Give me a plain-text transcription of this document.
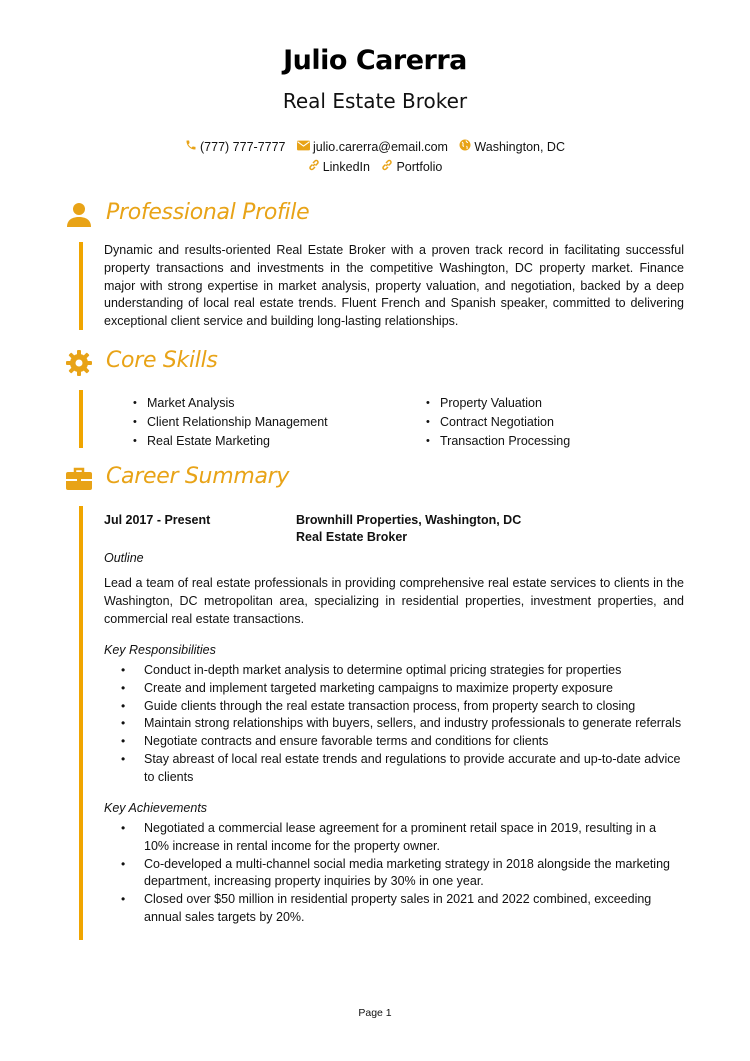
Julio Carerra
Real Estate Broker
(777) 777-7777 julio.carerra@email.com Washington, DC
LinkedIn Portfolio
Professional Profile
Dynamic and results-oriented Real Estate Broker with a proven track record in facilitating successful property transactions and investments in the competitive Washington, DC property market. Finance major with strong expertise in market analysis, property valuation, and negotiation, backed by a deep understanding of local real estate trends. Fluent French and Spanish speaker, committed to delivering exceptional client service and building long-lasting relationships.
Core Skills
• Market Analysis
• Client Relationship Management
• Real Estate Marketing
• Property Valuation
• Contract Negotiation
• Transaction Processing
Career Summary
Jul 2017 - Present	Brownhill Properties, Washington, DC
Real Estate Broker
Outline
Lead a team of real estate professionals in providing comprehensive real estate services to clients in the Washington, DC metropolitan area, specializing in residential properties, investment properties, and commercial real estate transactions.
Key Responsibilities
• Conduct in-depth market analysis to determine optimal pricing strategies for properties
• Create and implement targeted marketing campaigns to maximize property exposure
• Guide clients through the real estate transaction process, from property search to closing
• Maintain strong relationships with buyers, sellers, and industry professionals to generate referrals
• Negotiate contracts and ensure favorable terms and conditions for clients
• Stay abreast of local real estate trends and regulations to provide accurate and up-to-date advice to clients
Key Achievements
• Negotiated a commercial lease agreement for a prominent retail space in 2019, resulting in a 10% increase in rental income for the property owner.
• Co-developed a multi-channel social media marketing strategy in 2018 alongside the marketing department, increasing property inquiries by 30% in one year.
• Closed over $50 million in residential property sales in 2021 and 2022 combined, exceeding annual sales targets by 20%.
Page 1
